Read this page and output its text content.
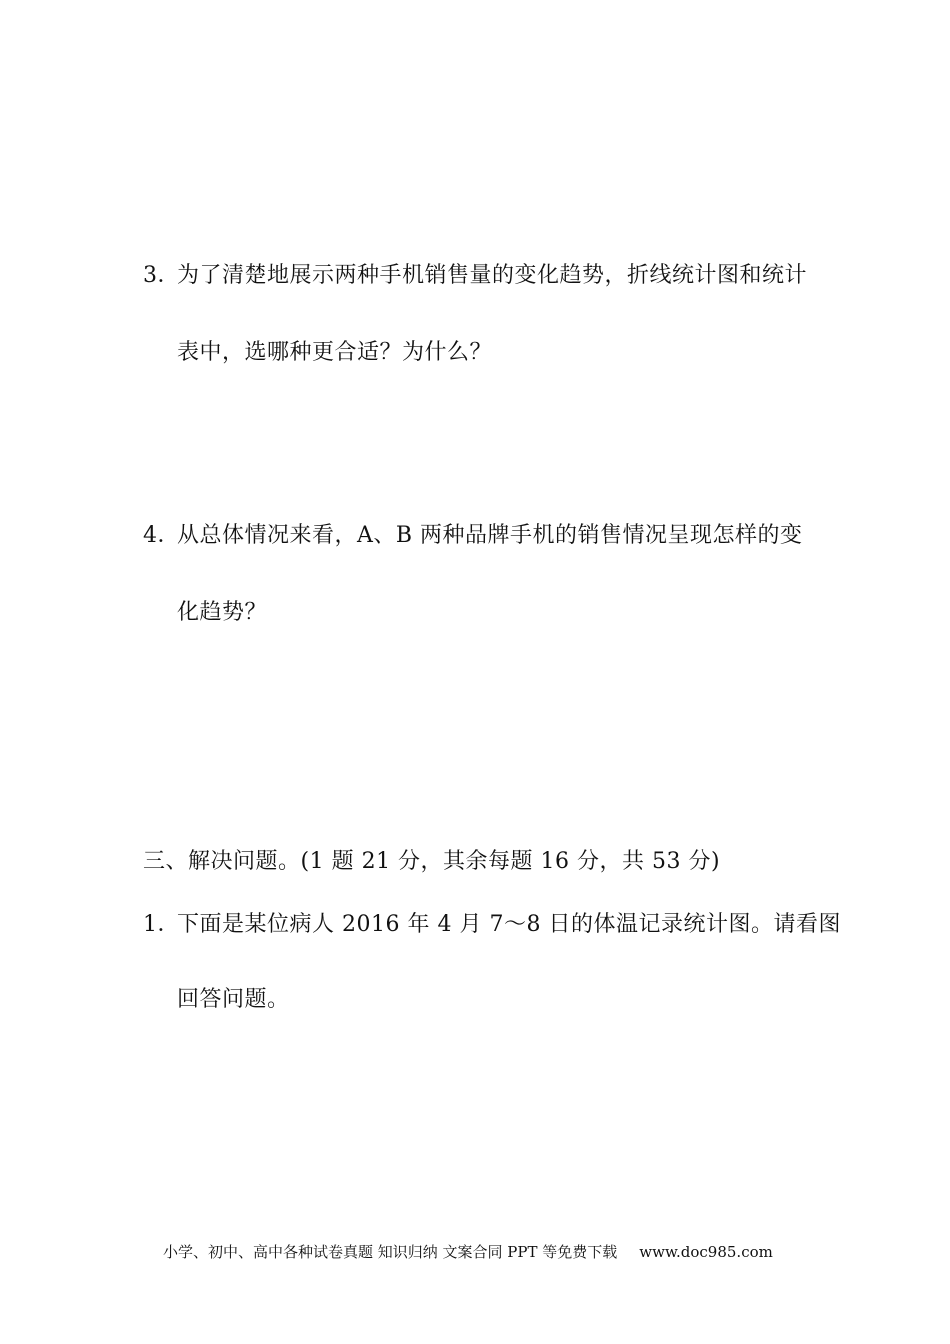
3．为了清楚地展示两种手机销售量的变化趋势，折线统计图和统计
表中，选哪种更合适？为什么？
4．从总体情况来看，A、B 两种品牌手机的销售情况呈现怎样的变
化趋势？
三、解决问题。(1 题 21 分，其余每题 16 分，共 53 分)
1．下面是某位病人 2016 年 4 月 7～8 日的体温记录统计图。请看图
回答问题。
小学、初中、高中各种试卷真题 知识归纳 文案合同 PPT 等免费下载 www.doc985.com
